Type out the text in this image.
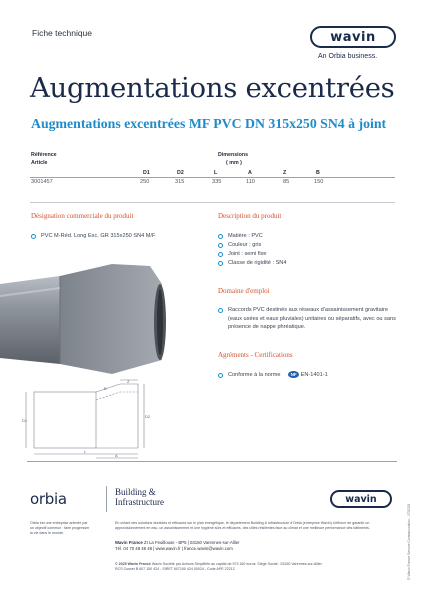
Fiche technique	wavin
An Orbia business.
Augmentations excentrées
Augmentations excentrées MF PVC DN 315x250 SN4 à joint
Référence	Dimensions
Article	( mm )
D1	D2	L	A	Z	B
3001457	250	315	335	110	85	150
Désignation commerciale du produit
PVC M-Réd. Long Exc. GR 315x250 SN4 M/F
Description du produit
Matière : PVC
Couleur : gris
Joint : semi fixe
Classe de rigidité : SN4
Domaine d'emploi
Raccords PVC destinés aux réseaux d'assainissement gravitaire
(eaux usées et eaux pluviales) unitaires ou séparatifs, avec ou sans
présence de nappe phréatique.
Agréments - Certifications
Conforme à la norme NF EN-1401-1
D1
D2
L
A
Z
B
orbia	Building &
Infrastructure	wavin
Orbia est une entreprise animée par
un objectif commun : faire progresser
la vie dans le monde.
En créant des solutions durables et efficaces sur le plan énergétique, le département Building & Infrastructure d'Orbia (entreprise Wavin) s'efforce de garantir un
approvisionnement en eau, un assainissement et une hygiène sûrs et efficaces, des villes résilientes face au climat et une meilleure performance des bâtiments.
Wavin France ZI La Feuillouse - BP5 | 03150 Varennes-sur-Allier
Tél. 04 70 48 48 48 | www.wavin.fr | france.wavin@wavin.com
© 2025 Wavin France Wavin Société par Actions Simplifiée au capital de 973 160 euros. Siège Social : 03150 Varennes-sur-Allier
RCS Cusset B 607 150 424 - SIRET 607150 424 00024 - Code APE 2221Z	© Wavin France Service Communication - 07/2025
